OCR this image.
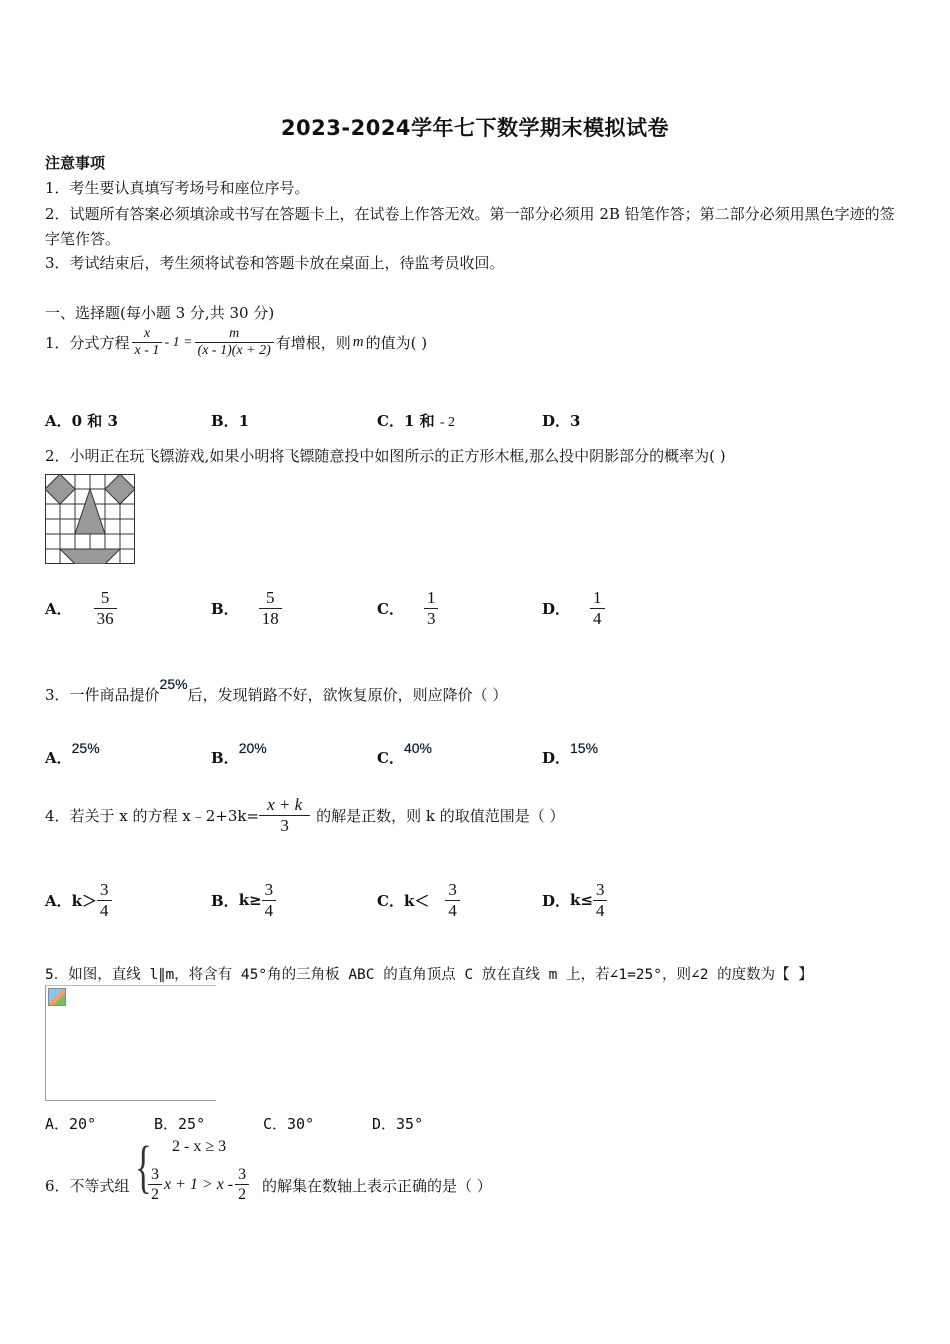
2023-2024学年七下数学期末模拟试卷
注意事项
1．考生要认真填写考场号和座位序号。
2．试题所有答案必须填涂或书写在答题卡上，在试卷上作答无效。第一部分必须用 2B 铅笔作答；第二部分必须用黑色字迹的签字笔作答。
3．考试结束后，考生须将试卷和答题卡放在桌面上，待监考员收回。
一、选择题(每小题 3 分,共 30 分)
1．分式方程 $\frac{x}{x - 1} - 1 = \frac{m}{(x - 1)(x + 2)}$ 有增根，则 m 的值为( )
A．0 和 3	B．1	C．1 和 - 2	D．3
2．小明正在玩飞镖游戏,如果小明将飞镖随意投中如图所示的正方形木框,那么投中阴影部分的概率为( )
A． $\frac{5}{36}$	B． $\frac{5}{18}$	C． $\frac{1}{3}$	D． $\frac{1}{4}$
3．一件商品提价
25%
后，发现销路不好，欲恢复原价，则应降价（ ）
A．
25%
B．
20%
C．
40%
D．
15%
4．若关于 x 的方程 x﹣2+3k= $\frac{x + k}{3}$ 的解是正数，则 k 的取值范围是（ ）
A． $k> \frac{3}{4}$	B． $k\ge \frac{3}{4}$	C． $k< \frac{3}{4}$	D． $k\le \frac{3}{4}$
5．如图，直线 l∥m，将含有 45°角的三角板 ABC 的直角顶点 C 放在直线 m 上，若∠1=25°，则∠2 的度数为【 】
A．20°	B．25°	C．30°	D．35°
6．不等式组 { 2 - x ≥ 3
$\frac{3}{2}$ $x + 1 > x - \frac{3}{2}$ 的解集在数轴上表示正确的是（ ）
